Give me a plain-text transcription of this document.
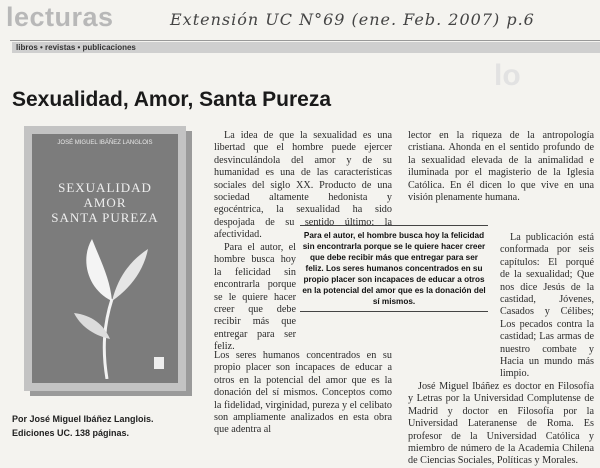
lecturas	Extensión UC N°69 (ene. Feb. 2007) p.6
libros • revistas • publicaciones
lo
Sexualidad, Amor, Santa Pureza
JOSÉ MIGUEL IBÁÑEZ LANGLOIS
SEXUALIDAD
AMOR
SANTA PUREZA
Por José Miguel Ibáñez Langlois.
Ediciones UC. 138 páginas.

La idea de que la sexualidad es una libertad que el hombre puede ejercer desvinculándola del amor y de su humanidad es una de las características sociales del siglo XX. Producto de una sociedad altamente hedonista y egocéntrica, la sexualidad ha sido despojada de su sentido último: la afectividad.

Para el autor, el hombre busca hoy la felicidad sin encontrarla porque se le quiere hacer creer que debe recibir más que entregar para ser feliz.

Los seres humanos concentrados en su propio placer son incapaces de educar a otros en la potencial del amor que es la donación del sí mismos. Conceptos como la fidelidad, virginidad, pureza y el celibato son ampliamente analizados en esta obra que adentra al

Para el autor, el hombre busca hoy la felicidad sin encontrarla porque se le quiere hacer creer que debe recibir más que entregar para ser feliz. Los seres humanos concentrados en su propio placer son incapaces de educar a otros en la potencial del amor que es la donación del sí mismos.

lector en la riqueza de la antropología cristiana. Ahonda en el sentido profundo de la sexualidad elevada de la animalidad e iluminada por el magisterio de la Iglesia Católica. En él dicen lo que vive en una visión plenamente humana.

La publicación está conformada por seis capítulos: El porqué de la sexualidad; Que nos dice Jesús de la castidad, Jóvenes, Casados y Célibes; Los pecados contra la castidad; Las armas de nuestro combate y Hacia un mundo más limpio.

José Miguel Ibáñez es doctor en Filosofía y Letras por la Universidad Complutense de Madrid y doctor en Filosofía por la Universidad Lateranense de Roma. Es profesor de la Universidad Católica y miembro de número de la Academia Chilena de Ciencias Sociales, Políticas y Morales.
